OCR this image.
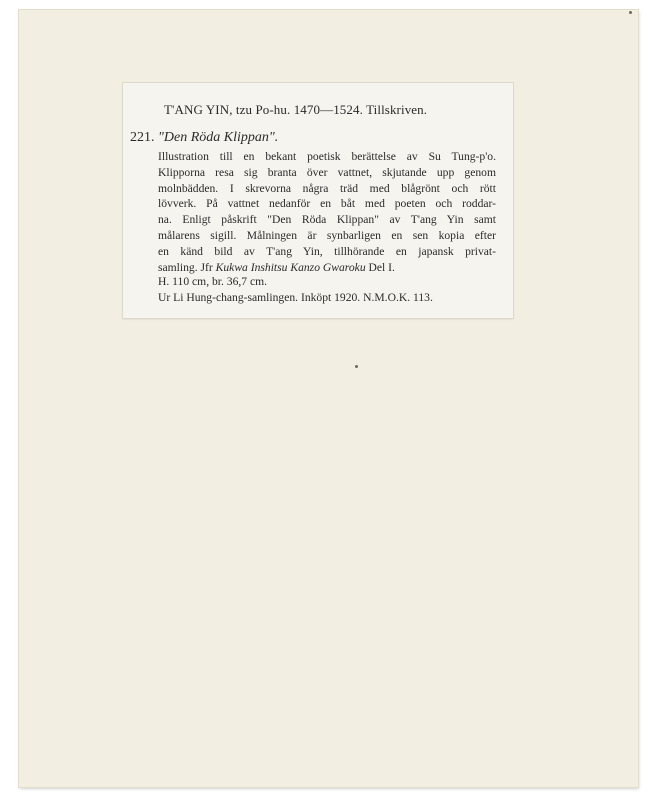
T'ANG YIN, tzu Po-hu. 1470—1524. Tillskriven.
221. "Den Röda Klippan".
Illustration till en bekant poetisk berättelse av Su Tung-p'o.
Klipporna resa sig branta över vattnet, skjutande upp genom
molnbädden. I skrevorna några träd med blågrönt och rött
lövverk. På vattnet nedanför en båt med poeten och roddar-
na. Enligt påskrift "Den Röda Klippan" av T'ang Yin samt
målarens sigill. Målningen är synbarligen en sen kopia efter
en känd bild av T'ang Yin, tillhörande en japansk privat-
samling. Jfr Kukwa Inshitsu Kanzo Gwaroku Del I.
H. 110 cm, br. 36,7 cm.
Ur Li Hung-chang-samlingen. Inköpt 1920. N.M.O.K. 113.
